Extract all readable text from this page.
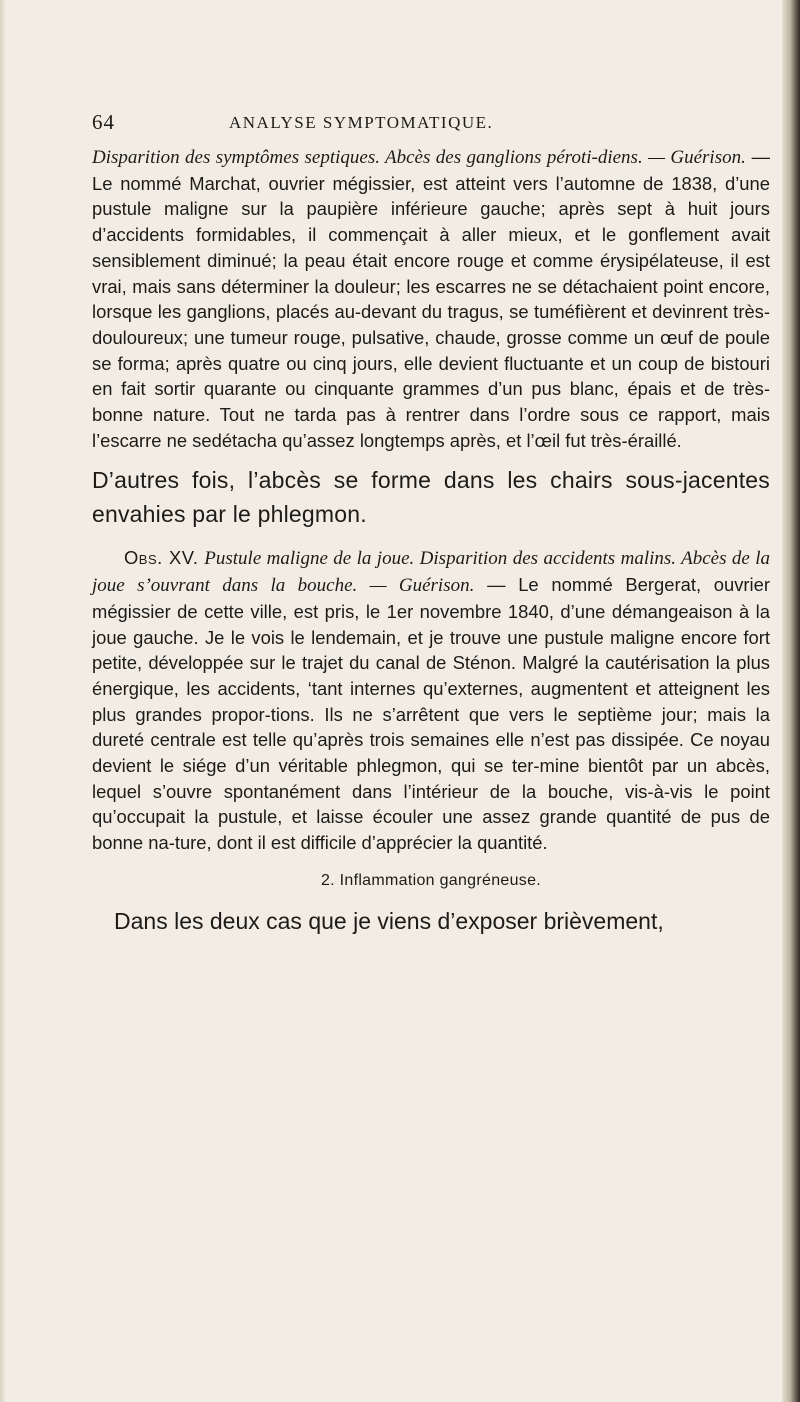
64	ANALYSE SYMPTOMATIQUE.

Disparition des symptômes septiques. Abcès des ganglions péroti-diens. — Guérison. — Le nommé Marchat, ouvrier mégissier, est atteint vers l’automne de 1838, d’une pustule maligne sur la paupière inférieure gauche; après sept à huit jours d’accidents formidables, il commençait à aller mieux, et le gonflement avait sensiblement diminué; la peau était encore rouge et comme érysipélateuse, il est vrai, mais sans déterminer la douleur; les escarres ne se détachaient point encore, lorsque les ganglions, placés au-devant du tragus, se tuméfièrent et devinrent très-douloureux; une tumeur rouge, pulsative, chaude, grosse comme un œuf de poule se forma; après quatre ou cinq jours, elle devient fluctuante et un coup de bistouri en fait sortir quarante ou cinquante grammes d’un pus blanc, épais et de très-bonne nature. Tout ne tarda pas à rentrer dans l’ordre sous ce rapport, mais l’escarre ne sedétacha qu’assez longtemps après, et l’œil fut très-éraillé.

D’autres fois, l’abcès se forme dans les chairs sous-jacentes envahies par le phlegmon.

Obs. XV. Pustule maligne de la joue. Disparition des accidents malins. Abcès de la joue s’ouvrant dans la bouche. — Guérison. — Le nommé Bergerat, ouvrier mégissier de cette ville, est pris, le 1er novembre 1840, d’une démangeaison à la joue gauche. Je le vois le lendemain, et je trouve une pustule maligne encore fort petite, développée sur le trajet du canal de Sténon. Malgré la cautérisation la plus énergique, les accidents, ‘tant internes qu’externes, augmentent et atteignent les plus grandes propor-tions. Ils ne s’arrêtent que vers le septième jour; mais la dureté centrale est telle qu’après trois semaines elle n’est pas dissipée. Ce noyau devient le siége d’un véritable phlegmon, qui se ter-mine bientôt par un abcès, lequel s’ouvre spontanément dans l’intérieur de la bouche, vis-à-vis le point qu’occupait la pustule, et laisse écouler une assez grande quantité de pus de bonne na-ture, dont il est difficile d’apprécier la quantité.

2. Inflammation gangréneuse.

Dans les deux cas que je viens d’exposer brièvement,
